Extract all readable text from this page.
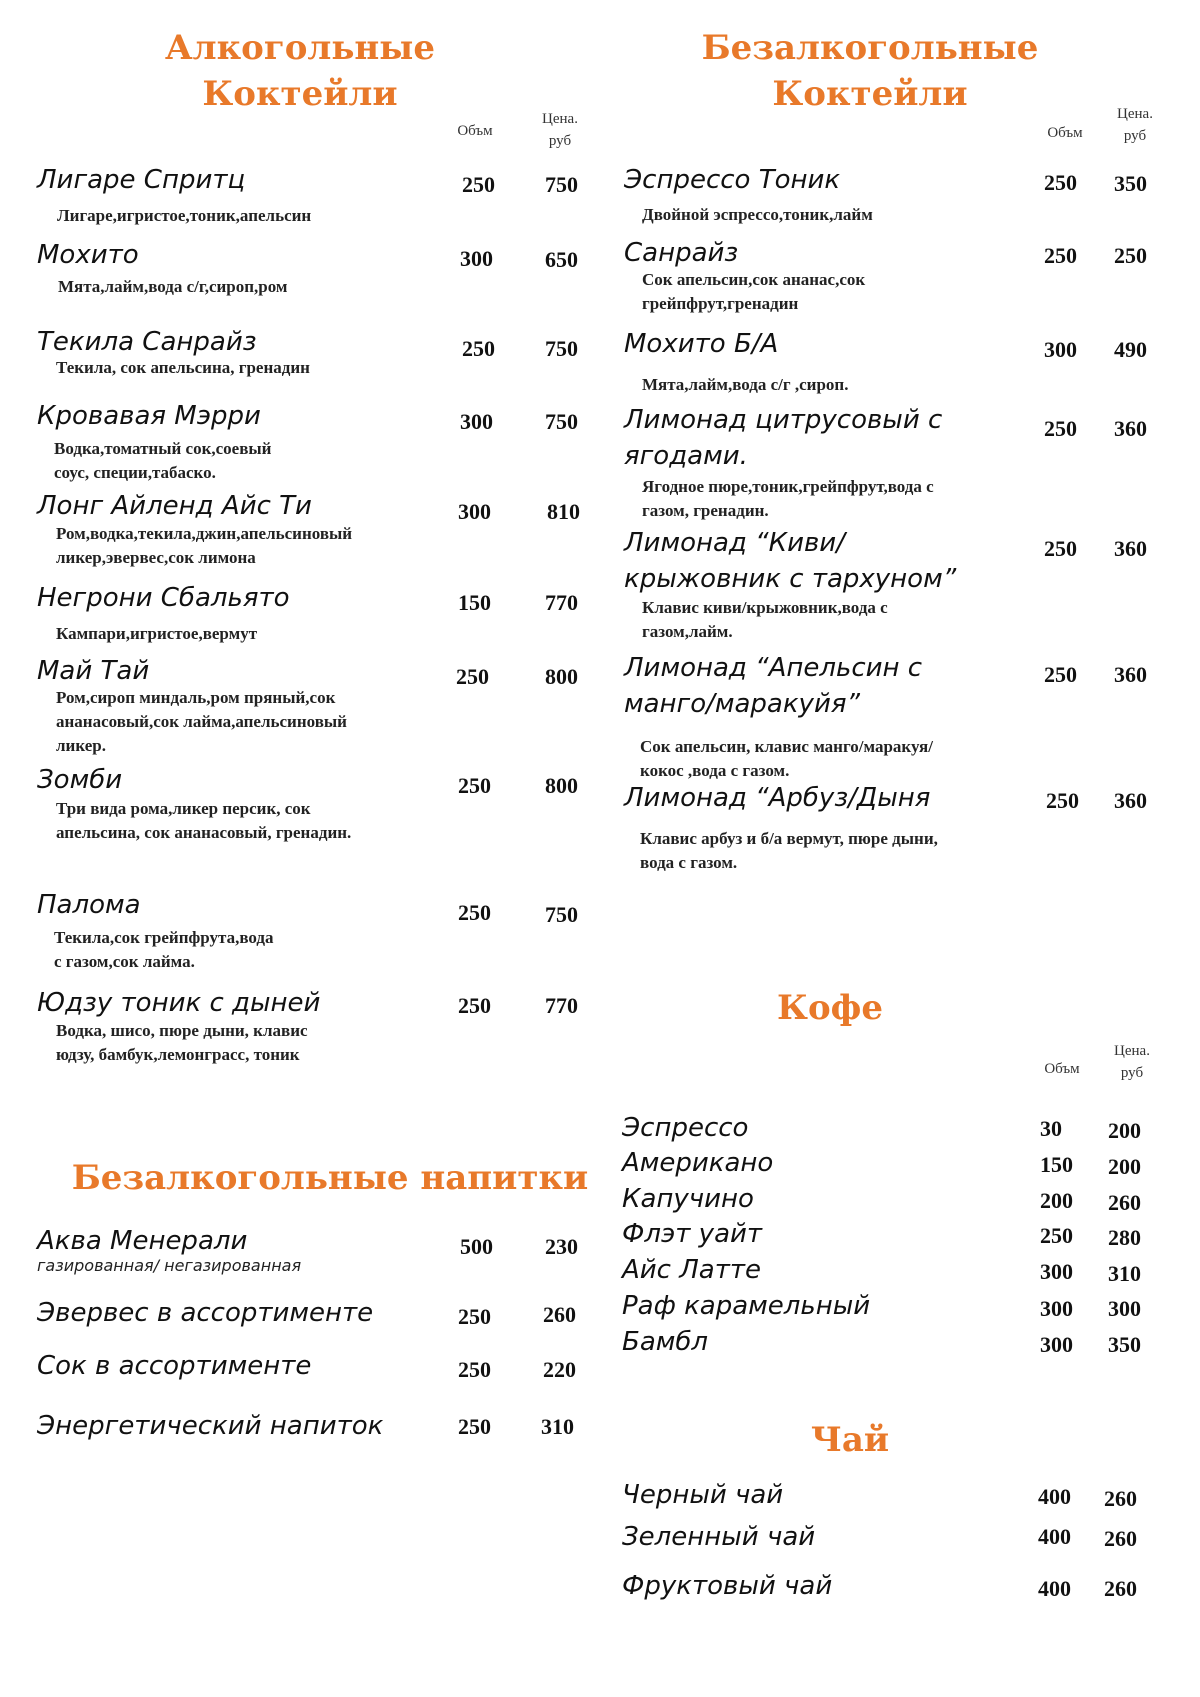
Алкогольные
Коктейли
Объм
Цена.
руб
Лигаре Спритц	250 750
Лигаре,игристое,тоник,апельсин
Мохито	300 650
Мята,лайм,вода с/г,сироп,ром
Текила Санрайз	250 750
Текила, сок апельсина, гренадин
Кровавая Мэрри	300 750
Водка,томатный сок,соевый
соус, специи,табаско.
Лонг Айленд Айс Ти	300	810
Ром,водка,текила,джин,апельсиновый
ликер,эвервес,сок лимона
Негрони Сбальято	150 770
Кампари,игристое,вермут
Май Тай	250	800
Ром,сироп миндаль,ром пряный,сок
ананасовый,сок лайма,апельсиновый
ликер.
Зомби	250 800
Три вида рома,ликер персик, сок
апельсина, сок ананасовый, гренадин.
Палома	250 750
Текила,сок грейпфрута,вода
с газом,сок лайма.
Юдзу тоник с дыней	250 770
Водка, шисо, пюре дыни, клавис
юдзу, бамбук,лемонграсс, тоник
Безалкогольные напитки
Аква Менерали
газированная/ негазированная
500 230
Эвервес в ассортименте	250 260
Сок в ассортименте	250 220
Энергетический напиток	250 310
Безалкогольные
Коктейли
Объм
Цена.
руб
Эспрессо Тоник	250 350
Двойной эспрессо,тоник,лайм
Санрайз	250 250
Сок апельсин,сок ананас,сок
грейпфрут,гренадин
Мохито Б/А	300 490
Мята,лайм,вода с/г ,сироп.
Лимонад цитрусовый с
ягодами.
250 360
Ягодное пюре,тоник,грейпфрут,вода с
газом, гренадин.
Лимонад “Киви/
крыжовник с тархуном”
250 360
Клавис киви/крыжовник,вода с
газом,лайм.
Лимонад “Апельсин с
манго/маракуйя”
250 360
Сок апельсин, клавис манго/маракуя/
кокос ,вода с газом.
Лимонад “Арбуз/Дыня	250 360
Клавис арбуз и б/а вермут, пюре дыни,
вода с газом.
Кофе
Объм
Цена.
руб
Эспрессо	30 200
Американо	150 200
Капучино	200 260
Флэт уайт	250 280
Айс Латте	300 310
Раф карамельный	300 300
Бамбл	300 350
Чай
Черный чай	400 260
Зеленный чай	400 260
Фруктовый чай	400 260
